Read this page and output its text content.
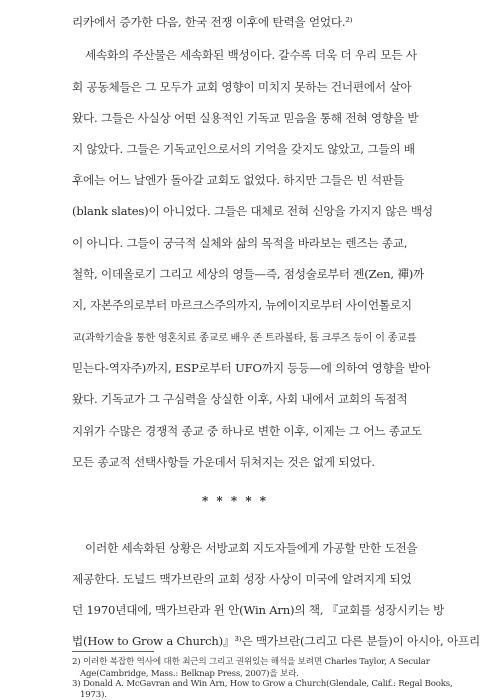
리카에서 증가한 다음, 한국 전쟁 이후에 탄력을 얻었다.²⁾
세속화의 주산물은 세속화된 백성이다. 갈수록 더욱 더 우리 모든 사
회 공동체들은 그 모두가 교회 영향이 미치지 못하는 건너편에서 살아
왔다. 그들은 사실상 어떤 실용적인 기독교 믿음을 통해 전혀 영향을 받
지 않았다. 그들은 기독교인으로서의 기억을 갖지도 않았고, 그들의 배
후에는 어느 날엔가 돌아갈 교회도 없었다. 하지만 그들은 빈 석판들
(blank slates)이 아니었다. 그들은 대체로 전혀 신앙을 가지지 않은 백성
이 아니다. 그들이 궁극적 실체와 삶의 목적을 바라보는 렌즈는 종교,
철학, 이데올로기 그리고 세상의 영들—즉, 점성술로부터 젠(Zen, 禪)까
지, 자본주의로부터 마르크스주의까지, 뉴에이지로부터 사이언톨로지
교(과학기술을 통한 영혼치료 종교로 배우 존 트라볼타, 톰 크루즈 등이 이 종교를
믿는다-역자주)까지, ESP로부터 UFO까지 등등—에 의하여 영향을 받아
왔다. 기독교가 그 구심력을 상실한 이후, 사회 내에서 교회의 독점적
지위가 수많은 경쟁적 종교 중 하나로 변한 이후, 이제는 그 어느 종교도
모든 종교적 선택사항들 가운데서 뒤쳐지는 것은 없게 되었다.
* * * * *
이러한 세속화된 상황은 서방교회 지도자들에게 가공할 만한 도전을
제공한다. 도널드 맥가브란의 교회 성장 사상이 미국에 알려지게 되었
던 1970년대에, 맥가브란과 윈 안(Win Arn)의 책, 『교회를 성장시키는 방
법(How to Grow a Church)』³⁾은 맥가브란(그리고 다른 분들)이 아시아, 아프리
2) 이러한 복잡한 역사에 대한 최근의 그리고 권위있는 해석을 보려면 Charles Taylor, A Secular
Age(Cambridge, Mass.: Belknap Press, 2007)을 보라.
3) Donald A. McGavran and Win Arn, How to Grow a Church(Glendale, Calif.: Regal Books,
1973).
